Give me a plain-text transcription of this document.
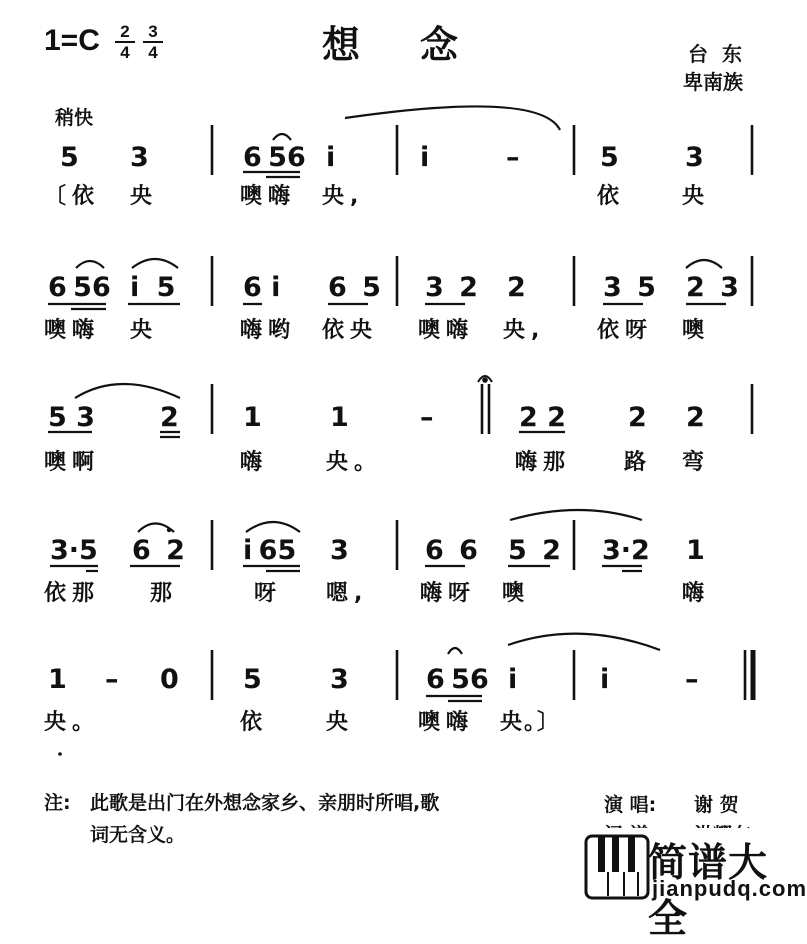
1=C	2
4
3
4	想念	台东
卑南族
稍快
5 3	6 56 i	i	–	5 3
〔依 央	噢嗨 央,	依	央
6 56 i 5	6 i 6 5 3 2 2	3 5 2 3
噢嗨 央	嗨哟 依央 噢嗨 央, 依呀 噢
5 3 2 1	1	–	2 2 2 2
噢啊	嗨	央。	嗨那 路 弯
3·5 6 2 i 65 3	6 6 5 2 3·2 1
依那 那	呀 嗯, 嗨呀 噢	嗨
1 – 0 5	3	6 56 i	i	–
央。	依	央	噢嗨 央。〕
注: 此歌是出门在外想念家乡、亲朋时所唱,歌
词无含义。
演 唱: 谢 贺
简谱大全
jianpudq.com
